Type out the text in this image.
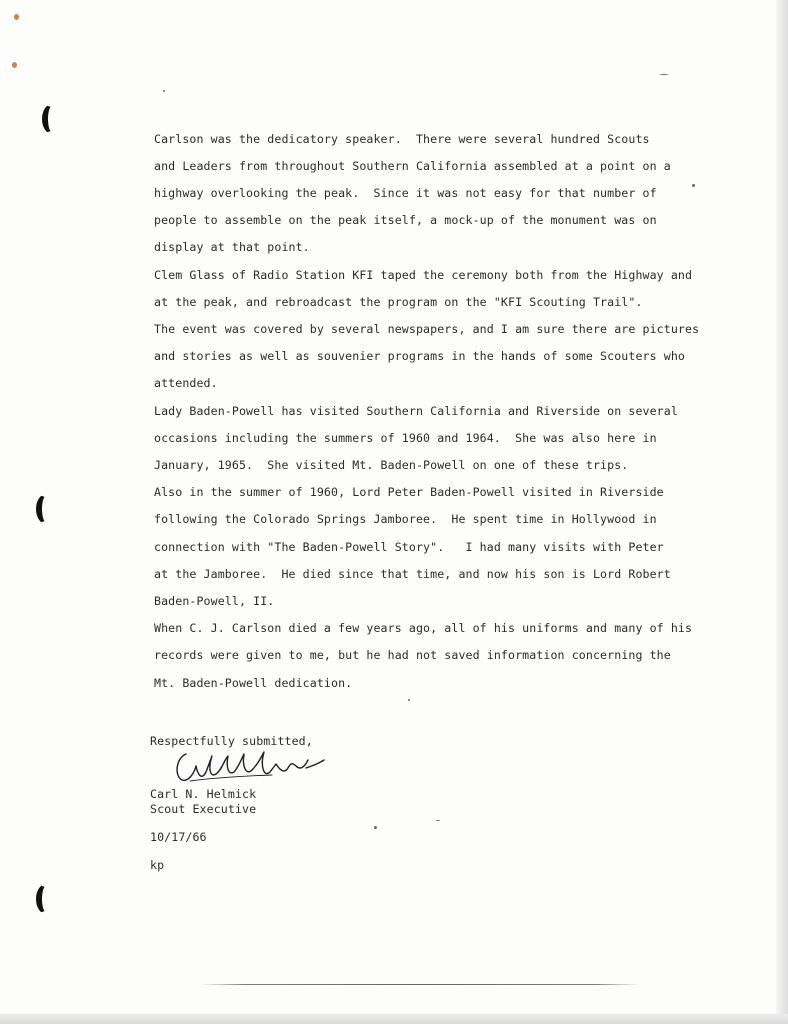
Carlson was the dedicatory speaker.  There were several hundred Scouts
and Leaders from throughout Southern California assembled at a point on a
highway overlooking the peak.  Since it was not easy for that number of
people to assemble on the peak itself, a mock-up of the monument was on
display at that point.
Clem Glass of Radio Station KFI taped the ceremony both from the Highway and
at the peak, and rebroadcast the program on the "KFI Scouting Trail".
The event was covered by several newspapers, and I am sure there are pictures
and stories as well as souvenier programs in the hands of some Scouters who
attended.
Lady Baden-Powell has visited Southern California and Riverside on several
occasions including the summers of 1960 and 1964.  She was also here in
January, 1965.  She visited Mt. Baden-Powell on one of these trips.
Also in the summer of 1960, Lord Peter Baden-Powell visited in Riverside
following the Colorado Springs Jamboree.  He spent time in Hollywood in
connection with "The Baden-Powell Story".   I had many visits with Peter
at the Jamboree.  He died since that time, and now his son is Lord Robert
Baden-Powell, II.
When C. J. Carlson died a few years ago, all of his uniforms and many of his
records were given to me, but he had not saved information concerning the
Mt. Baden-Powell dedication.
Respectfully submitted,
Carl N. Helmick
Scout Executive
10/17/66
kp
